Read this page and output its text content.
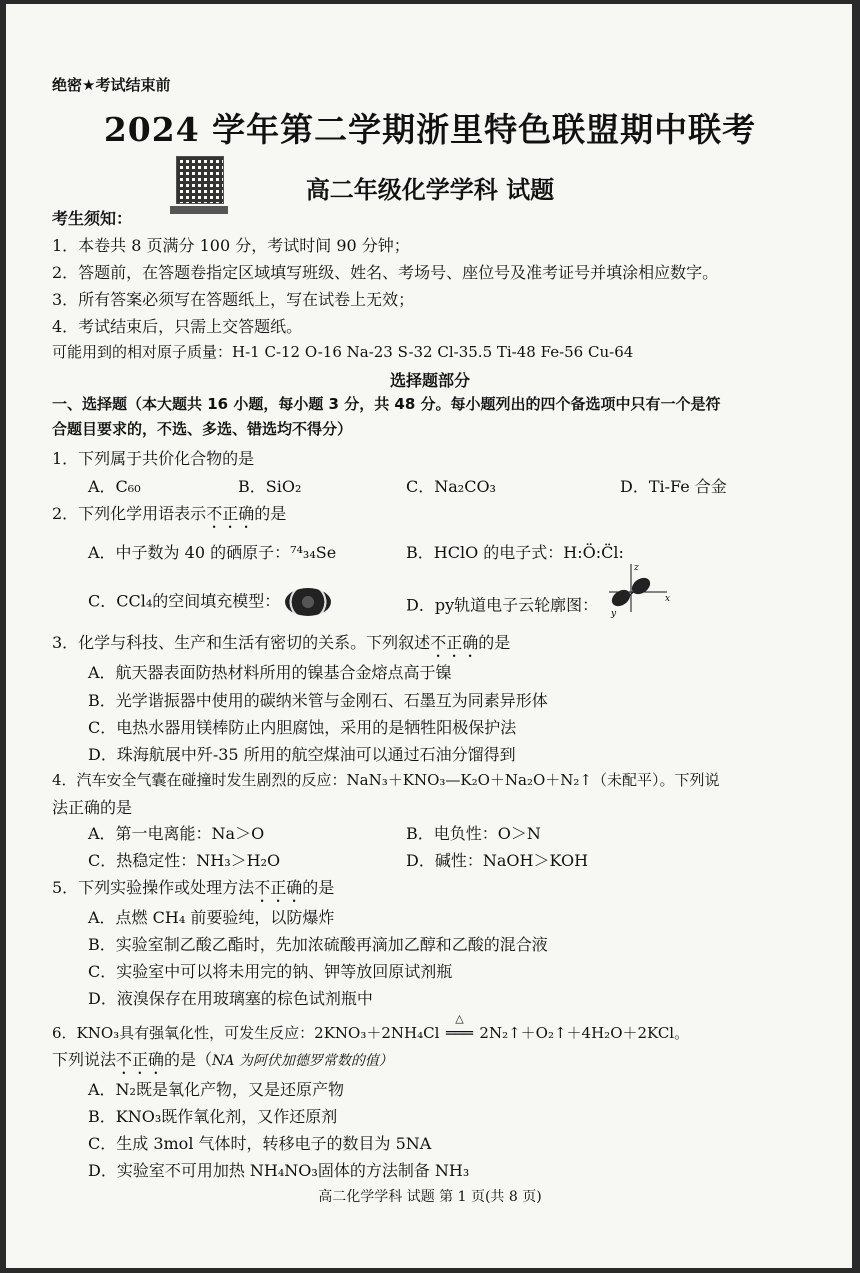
绝密★考试结束前
2024 学年第二学期浙里特色联盟期中联考
高二年级化学学科 试题
考生须知：
1．本卷共 8 页满分 100 分，考试时间 90 分钟；
2．答题前，在答题卷指定区域填写班级、姓名、考场号、座位号及准考证号并填涂相应数字。
3．所有答案必须写在答题纸上，写在试卷上无效；
4．考试结束后，只需上交答题纸。
可能用到的相对原子质量：H-1 C-12 O-16 Na-23 S-32 Cl-35.5 Ti-48 Fe-56 Cu-64
选择题部分
一、选择题（本大题共 16 小题，每小题 3 分，共 48 分。每小题列出的四个备选项中只有一个是符
合题目要求的，不选、多选、错选均不得分）
1．下列属于共价化合物的是
A．C₆₀	B．SiO₂	C．Na₂CO₃	D．Ti-Fe 合金
2．下列化学用语表示不正确的是
A．中子数为 40 的硒原子：⁷⁴₃₄Se	B．HClO 的电子式：H:Ö:C̈l:
C．CCl₄的空间填充模型：	D．py轨道电子云轮廓图：
z
x
y
3．化学与科技、生产和生活有密切的关系。下列叙述不正确的是
A．航天器表面防热材料所用的镍基合金熔点高于镍
B．光学谐振器中使用的碳纳米管与金刚石、石墨互为同素异形体
C．电热水器用镁棒防止内胆腐蚀，采用的是牺牲阳极保护法
D．珠海航展中歼-35 所用的航空煤油可以通过石油分馏得到
4．汽车安全气囊在碰撞时发生剧烈的反应：NaN₃＋KNO₃—K₂O＋Na₂O＋N₂↑（未配平）。下列说
法正确的是
A．第一电离能：Na＞O	B．电负性：O＞N
C．热稳定性：NH₃＞H₂O	D．碱性：NaOH＞KOH
5．下列实验操作或处理方法不正确的是
A．点燃 CH₄ 前要验纯，以防爆炸
B．实验室制乙酸乙酯时，先加浓硫酸再滴加乙醇和乙酸的混合液
C．实验室中可以将未用完的钠、钾等放回原试剂瓶
D．液溴保存在用玻璃塞的棕色试剂瓶中
6．KNO₃具有强氧化性，可发生反应：2KNO₃＋2NH₄Cl
△
═══ 2N₂↑＋O₂↑＋4H₂O＋2KCl。
下列说法不正确的是（NA 为阿伏加德罗常数的值）
A．N₂既是氧化产物，又是还原产物
B．KNO₃既作氧化剂，又作还原剂
C．生成 3mol 气体时，转移电子的数目为 5NA
D．实验室不可用加热 NH₄NO₃固体的方法制备 NH₃
高二化学学科 试题 第 1 页(共 8 页)
